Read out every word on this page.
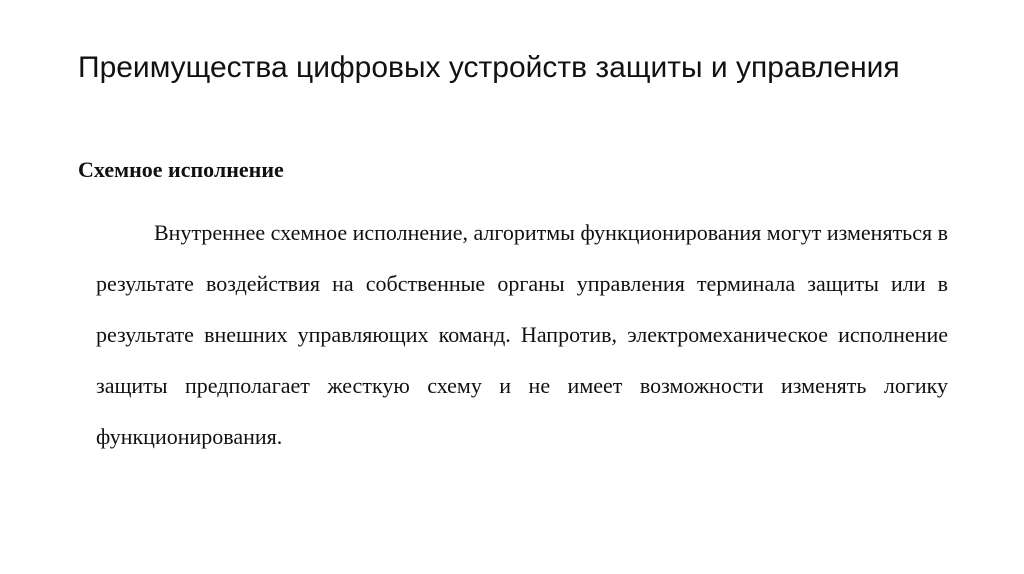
Преимущества цифровых устройств защиты и управления
Схемное исполнение

Внутреннее схемное исполнение, алгоритмы функционирования могут изменяться в результате воздействия на собственные органы управления терминала защиты или в результате внешних управляющих команд. Напротив, электромеханическое исполнение защиты предполагает жесткую схему и не имеет возможности изменять логику функционирования.
